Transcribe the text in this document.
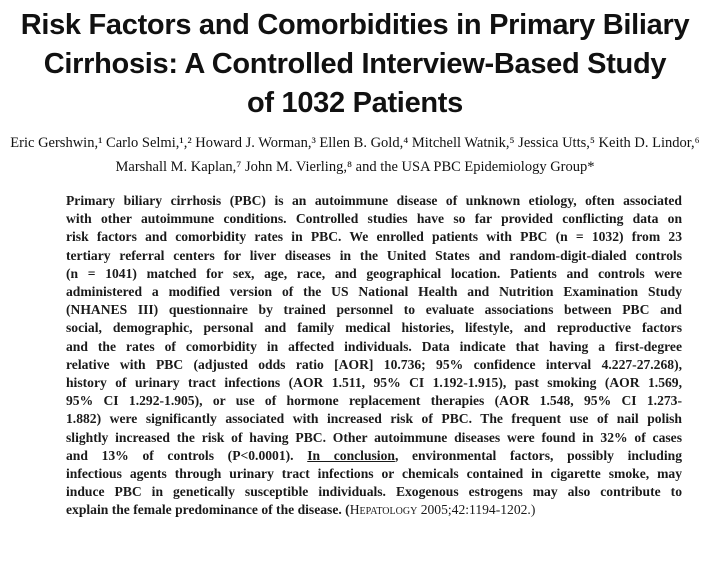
Risk Factors and Comorbidities in Primary Biliary
Cirrhosis: A Controlled Interview-Based Study
of 1032 Patients
Eric Gershwin,¹ Carlo Selmi,¹,² Howard J. Worman,³ Ellen B. Gold,⁴ Mitchell Watnik,⁵ Jessica Utts,⁵ Keith D. Lindor,⁶
Marshall M. Kaplan,⁷ John M. Vierling,⁸ and the USA PBC Epidemiology Group*
Primary biliary cirrhosis (PBC) is an autoimmune disease of unknown etiology, often associated
with other autoimmune conditions. Controlled studies have so far provided conflicting data on
risk factors and comorbidity rates in PBC. We enrolled patients with PBC (n = 1032) from 23
tertiary referral centers for liver diseases in the United States and random-digit-dialed controls
(n = 1041) matched for sex, age, race, and geographical location. Patients and controls were
administered a modified version of the US National Health and Nutrition Examination Study
(NHANES III) questionnaire by trained personnel to evaluate associations between PBC and
social, demographic, personal and family medical histories, lifestyle, and reproductive factors
and the rates of comorbidity in affected individuals. Data indicate that having a first-degree
relative with PBC (adjusted odds ratio [AOR] 10.736; 95% confidence interval 4.227-27.268),
history of urinary tract infections (AOR 1.511, 95% CI 1.192-1.915), past smoking (AOR 1.569,
95% CI 1.292-1.905), or use of hormone replacement therapies (AOR 1.548, 95% CI 1.273-
1.882) were significantly associated with increased risk of PBC. The frequent use of nail polish
slightly increased the risk of having PBC. Other autoimmune diseases were found in 32% of cases
and 13% of controls (P<0.0001). In conclusion, environmental factors, possibly including
infectious agents through urinary tract infections or chemicals contained in cigarette smoke, may
induce PBC in genetically susceptible individuals. Exogenous estrogens may also contribute to
explain the female predominance of the disease. (Hepatology 2005;42:1194-1202.)
